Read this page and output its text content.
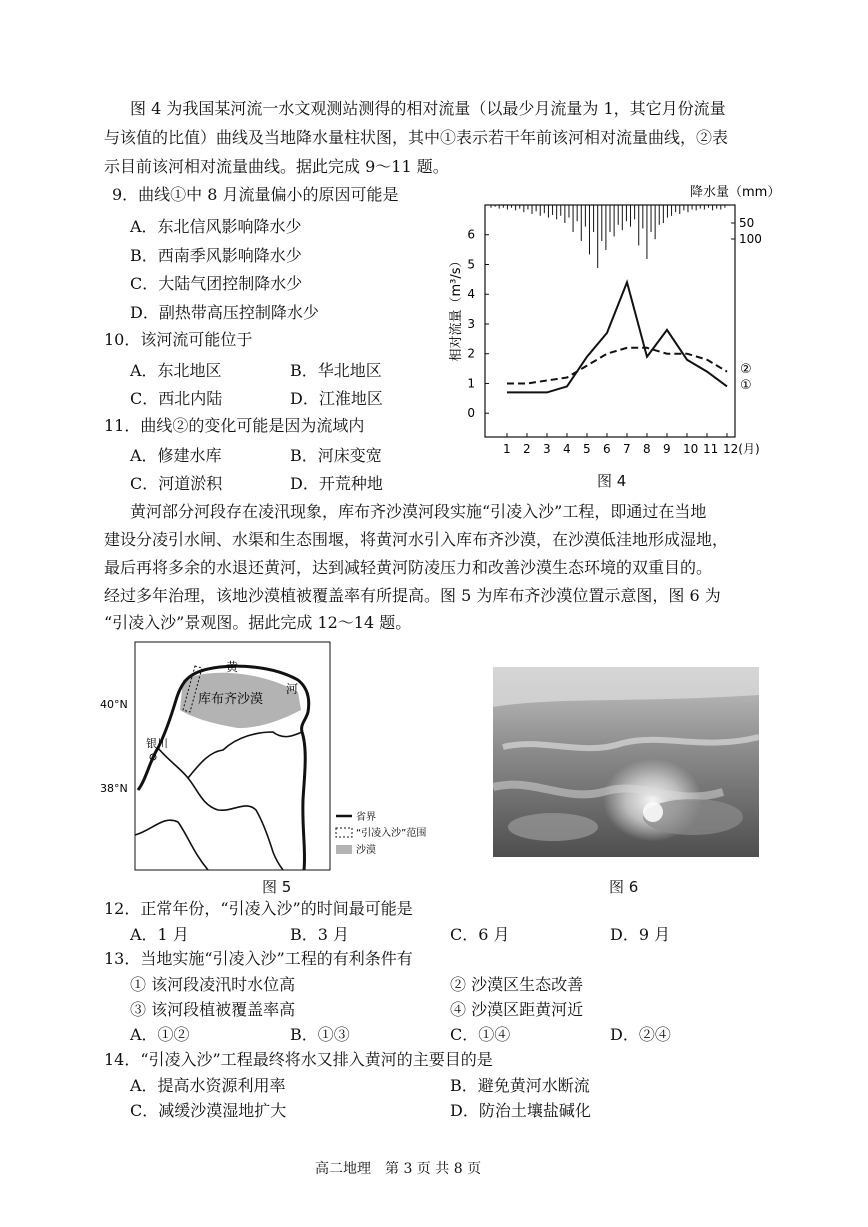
图 4 为我国某河流一水文观测站测得的相对流量（以最少月流量为 1，其它月份流量
与该值的比值）曲线及当地降水量柱状图，其中①表示若干年前该河相对流量曲线，②表
示目前该河相对流量曲线。据此完成 9～11 题。
9．曲线①中 8 月流量偏小的原因可能是
A．东北信风影响降水少
B．西南季风影响降水少
C．大陆气团控制降水少
D．副热带高压控制降水少
10．该河流可能位于
A．东北地区	B．华北地区
C．西北内陆	D．江淮地区
11．曲线②的变化可能是因为流域内
A．修建水库	B．河床变宽
C．河道淤积	D．开荒种地
降水量（mm）
相对流量（m³/s）
0
1
2
3
4
5
6
50
100
1 2 3 4 5 6 7 8 9 10 11 12(月)
②
①
图 4
黄河部分河段存在凌汛现象，库布齐沙漠河段实施“引凌入沙”工程，即通过在当地
建设分凌引水闸、水渠和生态围堰，将黄河水引入库布齐沙漠，在沙漠低洼地形成湿地，
最后再将多余的水退还黄河，达到减轻黄河防凌压力和改善沙漠生态环境的双重目的。
经过多年治理，该地沙漠植被覆盖率有所提高。图 5 为库布齐沙漠位置示意图，图 6 为
“引凌入沙”景观图。据此完成 12～14 题。
40°N
38°N
库布齐沙漠
黄
河
银川
省界
“引凌入沙”范围
沙漠
图 5	图 6
12．正常年份，“引凌入沙”的时间最可能是
A．1 月	B．3 月	C．6 月	D．9 月
13．当地实施“引凌入沙”工程的有利条件有
① 该河段凌汛时水位高	② 沙漠区生态改善
③ 该河段植被覆盖率高	④ 沙漠区距黄河近
A．①②	B．①③	C．①④	D．②④
14．“引凌入沙”工程最终将水又排入黄河的主要目的是
A．提高水资源利用率	B．避免黄河水断流
C．减缓沙漠湿地扩大	D．防治土壤盐碱化
高二地理　第 3 页 共 8 页
